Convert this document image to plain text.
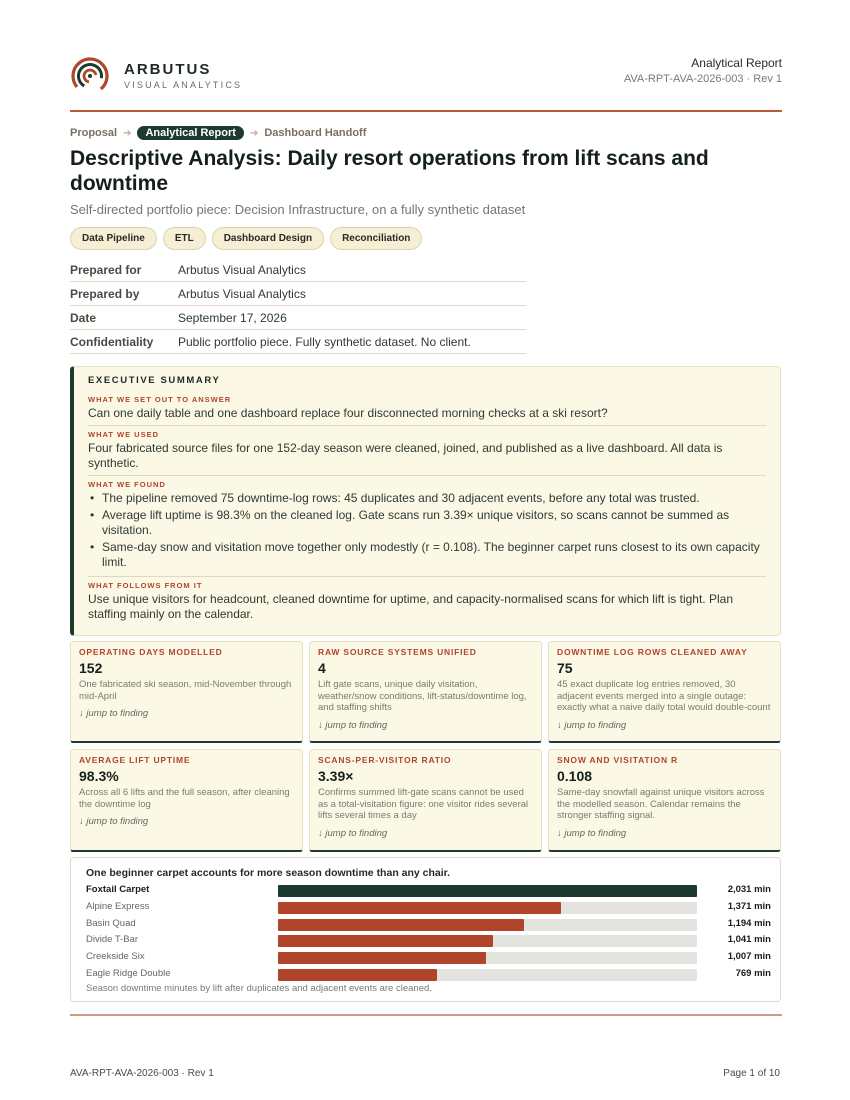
ARBUTUS
VISUAL ANALYTICS
Analytical Report
AVA-RPT-AVA-2026-003 · Rev 1
Proposal ➔	Analytical Report	➔ Dashboard Handoff
Descriptive Analysis: Daily resort operations from lift scans and downtime
Self-directed portfolio piece: Decision Infrastructure, on a fully synthetic dataset
Data Pipeline	ETL	Dashboard Design	Reconciliation
Prepared for	Arbutus Visual Analytics
Prepared by	Arbutus Visual Analytics
Date	September 17, 2026
Confidentiality	Public portfolio piece. Fully synthetic dataset. No client.
EXECUTIVE SUMMARY
WHAT WE SET OUT TO ANSWER
Can one daily table and one dashboard replace four disconnected morning checks at a ski resort?
WHAT WE USED
Four fabricated source files for one 152-day season were cleaned, joined, and published as a live dashboard. All data is synthetic.
WHAT WE FOUND
• The pipeline removed 75 downtime-log rows: 45 duplicates and 30 adjacent events, before any total was trusted.
• Average lift uptime is 98.3% on the cleaned log. Gate scans run 3.39× unique visitors, so scans cannot be summed as visitation.
• Same-day snow and visitation move together only modestly (r = 0.108). The beginner carpet runs closest to its own capacity limit.
WHAT FOLLOWS FROM IT
Use unique visitors for headcount, cleaned downtime for uptime, and capacity-normalised scans for which lift is tight. Plan staffing mainly on the calendar.
OPERATING DAYS MODELLED
152
One fabricated ski season, mid-November through mid-April
↓ jump to finding
RAW SOURCE SYSTEMS UNIFIED
4
Lift gate scans, unique daily visitation, weather/snow conditions, lift-status/downtime log, and staffing shifts
↓ jump to finding
DOWNTIME LOG ROWS CLEANED AWAY
75
45 exact duplicate log entries removed, 30 adjacent events merged into a single outage: exactly what a naive daily total would double-count
↓ jump to finding
AVERAGE LIFT UPTIME
98.3%
Across all 6 lifts and the full season, after cleaning the downtime log
↓ jump to finding
SCANS-PER-VISITOR RATIO
3.39×
Confirms summed lift-gate scans cannot be used as a total-visitation figure: one visitor rides several lifts several times a day
↓ jump to finding
SNOW AND VISITATION R
0.108
Same-day snowfall against unique visitors across the modelled season. Calendar remains the stronger staffing signal.
↓ jump to finding
One beginner carpet accounts for more season downtime than any chair.
Foxtail Carpet	2,031 min
Alpine Express	1,371 min
Basin Quad	1,194 min
Divide T-Bar	1,041 min
Creekside Six	1,007 min
Eagle Ridge Double	769 min
Season downtime minutes by lift after duplicates and adjacent events are cleaned.
AVA-RPT-AVA-2026-003 · Rev 1	Page 1 of 10
